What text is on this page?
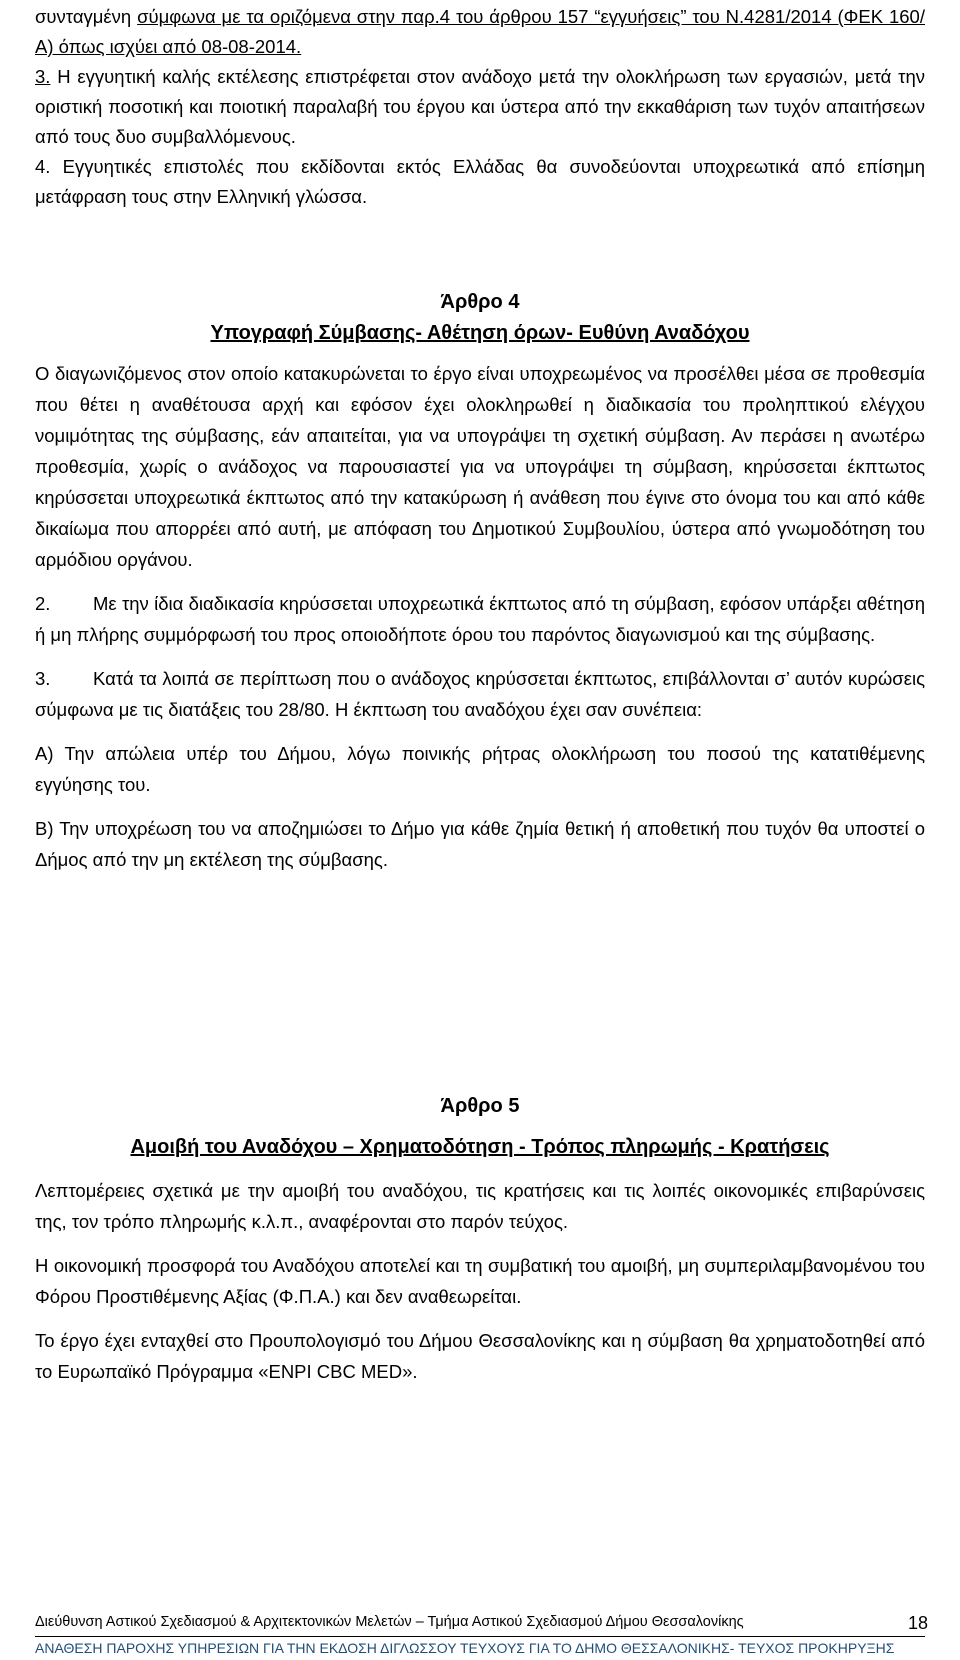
συνταγμένη σύμφωνα με τα οριζόμενα στην παρ.4 του άρθρου 157 “εγγυήσεις” του Ν.4281/2014 (ΦΕΚ 160/Α) όπως ισχύει από 08-08-2014.

3. Η εγγυητική καλής εκτέλεσης επιστρέφεται στον ανάδοχο μετά την ολοκλήρωση των εργασιών, μετά την οριστική ποσοτική και ποιοτική παραλαβή του έργου και ύστερα από την εκκαθάριση των τυχόν απαιτήσεων από τους δυο συμβαλλόμενους.

4. Εγγυητικές επιστολές που εκδίδονται εκτός Ελλάδας θα συνοδεύονται υποχρεωτικά από επίσημη μετάφραση τους στην Ελληνική γλώσσα.

Άρθρο 4
Υπογραφή Σύμβασης- Αθέτηση όρων- Ευθύνη Αναδόχου

Ο διαγωνιζόμενος στον οποίο κατακυρώνεται το έργο είναι υποχρεωμένος να προσέλθει μέσα σε προθεσμία που θέτει η αναθέτουσα αρχή και εφόσον έχει ολοκληρωθεί η διαδικασία του προληπτικού ελέγχου νομιμότητας της σύμβασης, εάν απαιτείται, για να υπογράψει τη σχετική σύμβαση. Αν περάσει η ανωτέρω προθεσμία, χωρίς ο ανάδοχος να παρουσιαστεί για να υπογράψει τη σύμβαση, κηρύσσεται έκπτωτος κηρύσσεται υποχρεωτικά έκπτωτος από την κατακύρωση ή ανάθεση που έγινε στο όνομα του και από κάθε δικαίωμα που απορρέει από αυτή, με απόφαση του Δημοτικού Συμβουλίου, ύστερα από γνωμοδότηση του αρμόδιου οργάνου.

2. Με την ίδια διαδικασία κηρύσσεται υποχρεωτικά έκπτωτος από τη σύμβαση, εφόσον υπάρξει αθέτηση ή μη πλήρης συμμόρφωσή του προς οποιοδήποτε όρου του παρόντος διαγωνισμού και της σύμβασης.

3. Κατά τα λοιπά σε περίπτωση που ο ανάδοχος κηρύσσεται έκπτωτος, επιβάλλονται σ’ αυτόν κυρώσεις σύμφωνα με τις διατάξεις του 28/80. Η έκπτωση του αναδόχου έχει σαν συνέπεια:

Α) Την απώλεια υπέρ του Δήμου, λόγω ποινικής ρήτρας ολοκλήρωση του ποσού της κατατιθέμενης εγγύησης του.

Β) Την υποχρέωση του να αποζημιώσει το Δήμο για κάθε ζημία θετική ή αποθετική που τυχόν θα υποστεί ο Δήμος από την μη εκτέλεση της σύμβασης.

Άρθρο 5
Αμοιβή του Αναδόχου – Χρηματοδότηση - Τρόπος πληρωμής - Κρατήσεις

Λεπτομέρειες σχετικά με την αμοιβή του αναδόχου, τις κρατήσεις και τις λοιπές οικονομικές επιβαρύνσεις της, τον τρόπο πληρωμής κ.λ.π., αναφέρονται στο παρόν τεύχος.

Η οικονομική προσφορά του Αναδόχου αποτελεί και τη συμβατική του αμοιβή, μη συμπεριλαμβανομένου του Φόρου Προστιθέμενης Αξίας (Φ.Π.Α.) και δεν αναθεωρείται.

Το έργο έχει ενταχθεί στο Προυπολογισμό του Δήμου Θεσσαλονίκης και η σύμβαση θα χρηματοδοτηθεί από το Ευρωπαϊκό Πρόγραμμα «ENPI CBC MED».

Διεύθυνση Αστικού Σχεδιασμού & Αρχιτεκτονικών Μελετών – Τμήμα Αστικού Σχεδιασμού Δήμου Θεσσαλονίκης	18
ΑΝΑΘΕΣΗ ΠΑΡΟΧΗΣ ΥΠΗΡΕΣΙΩΝ ΓΙΑ ΤΗΝ ΕΚΔΟΣΗ ΔΙΓΛΩΣΣΟΥ ΤΕΥΧΟΥΣ ΓΙΑ ΤΟ ΔΗΜΟ ΘΕΣΣΑΛΟΝΙΚΗΣ- ΤΕΥΧΟΣ ΠΡΟΚΗΡΥΞΗΣ
